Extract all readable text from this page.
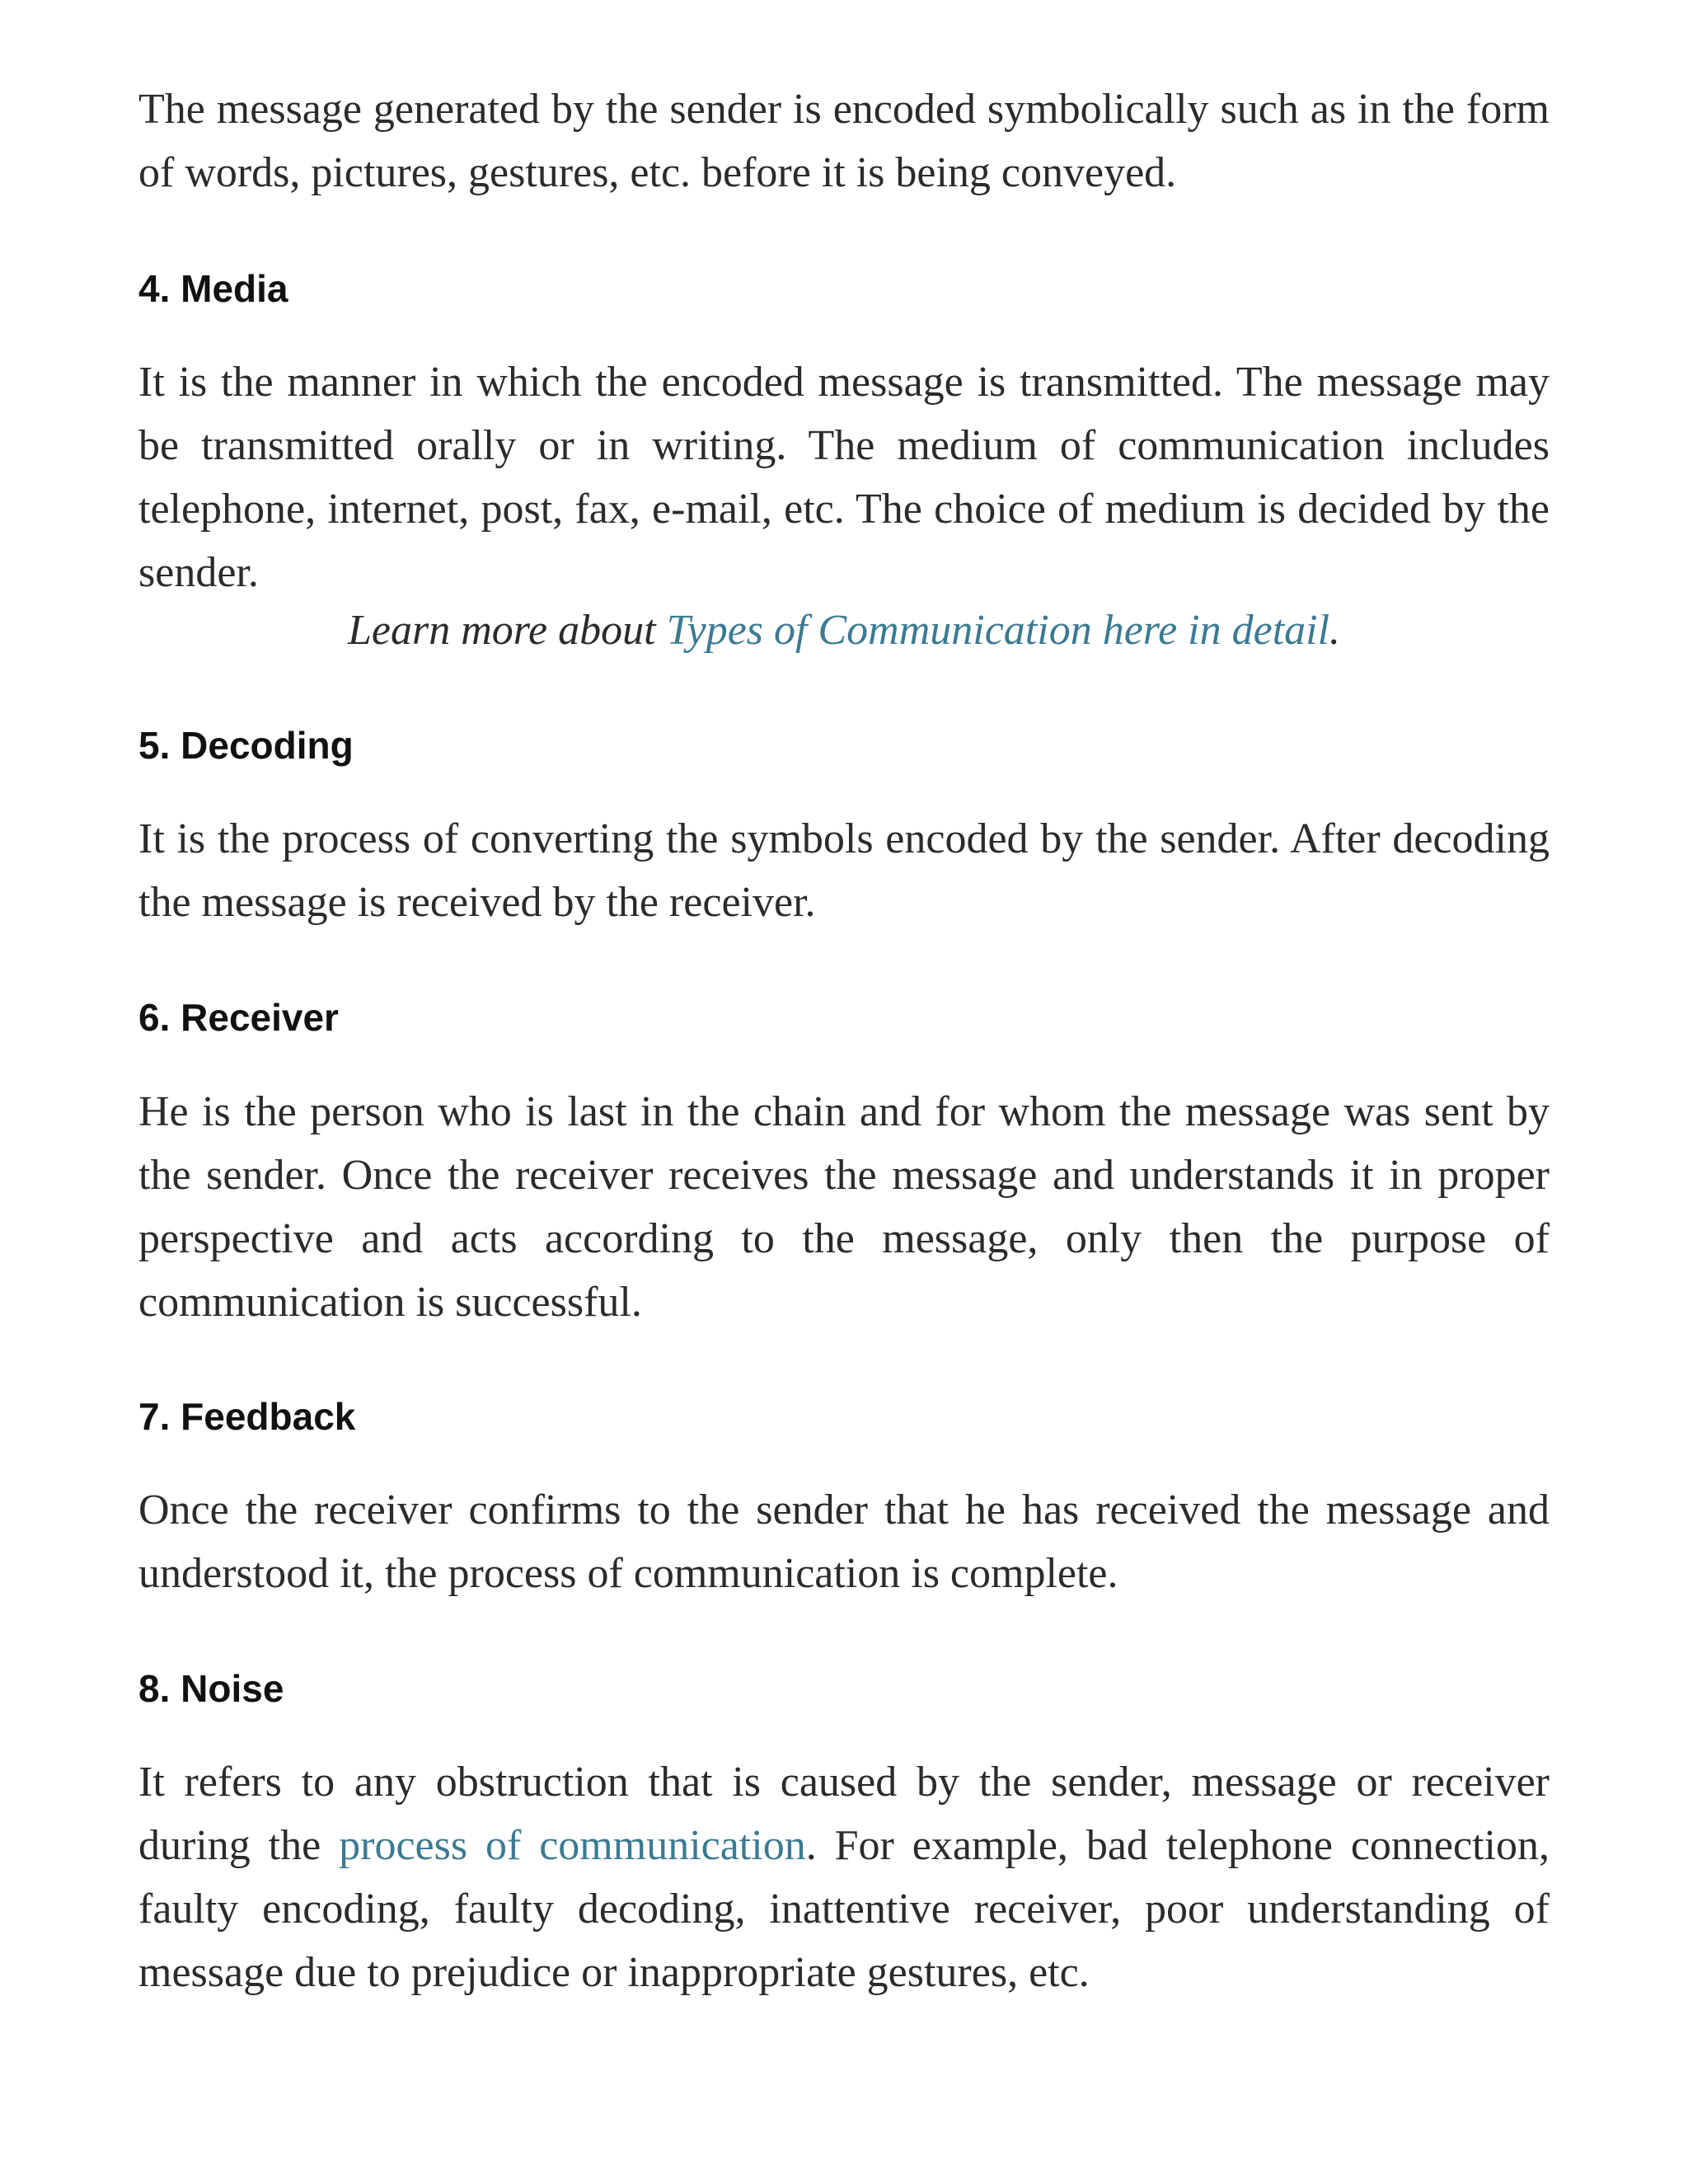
The message generated by the sender is encoded symbolically such as in the form of words, pictures, gestures, etc. before it is being conveyed.

4. Media

It is the manner in which the encoded message is transmitted. The message may be transmitted orally or in writing. The medium of communication includes telephone, internet, post, fax, e-mail, etc. The choice of medium is decided by the sender.

Learn more about Types of Communication here in detail.

5. Decoding

It is the process of converting the symbols encoded by the sender. After decoding the message is received by the receiver.

6. Receiver

He is the person who is last in the chain and for whom the message was sent by the sender. Once the receiver receives the message and understands it in proper perspective and acts according to the message, only then the purpose of communication is successful.

7. Feedback

Once the receiver confirms to the sender that he has received the message and understood it, the process of communication is complete.

8. Noise

It refers to any obstruction that is caused by the sender, message or receiver during the process of communication. For example, bad telephone connection, faulty encoding, faulty decoding, inattentive receiver, poor understanding of message due to prejudice or inappropriate gestures, etc.
